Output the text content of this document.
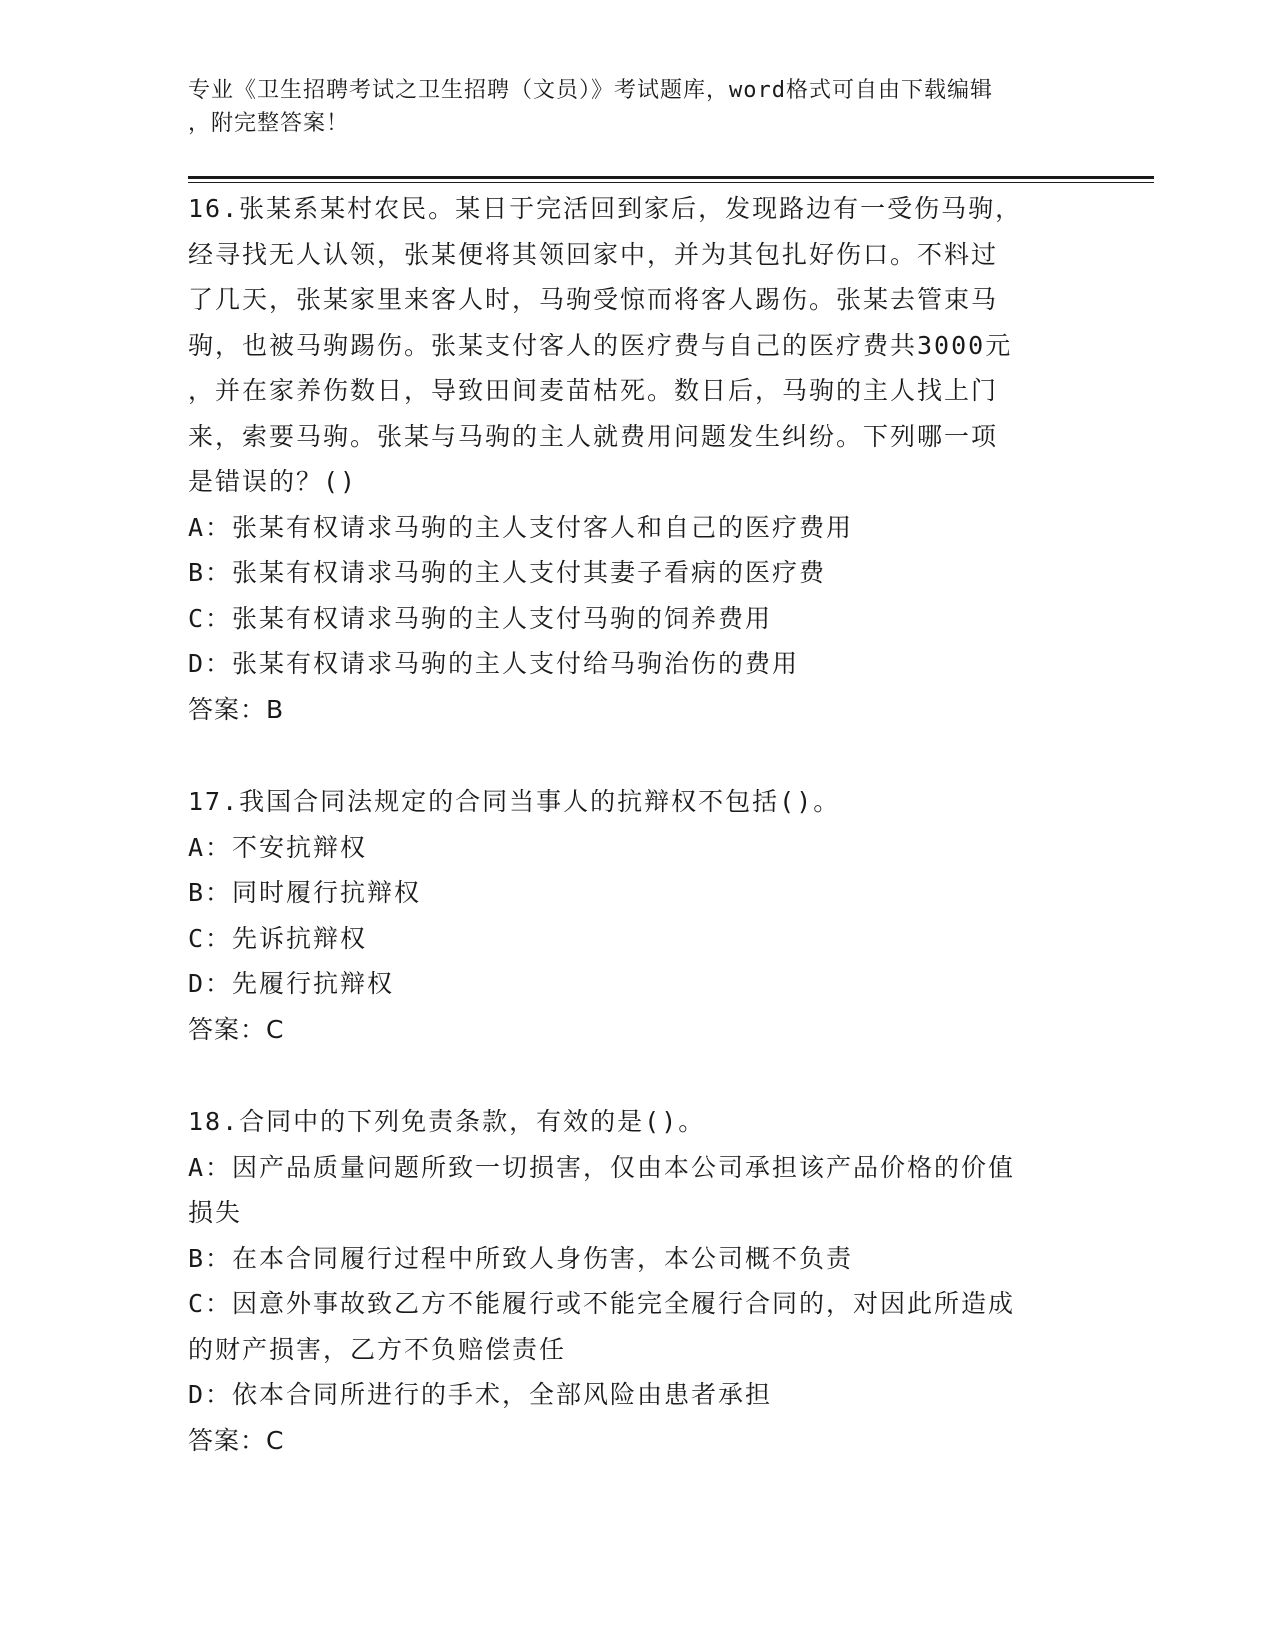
专业《卫生招聘考试之卫生招聘（文员）》考试题库，word格式可自由下载编辑
，附完整答案！
16.张某系某村农民。某日于完活回到家后，发现路边有一受伤马驹，
经寻找无人认领，张某便将其领回家中，并为其包扎好伤口。不料过
了几天，张某家里来客人时，马驹受惊而将客人踢伤。张某去管束马
驹，也被马驹踢伤。张某支付客人的医疗费与自己的医疗费共3000元
，并在家养伤数日，导致田间麦苗枯死。数日后，马驹的主人找上门
来，索要马驹。张某与马驹的主人就费用问题发生纠纷。下列哪一项
是错误的？()
A：张某有权请求马驹的主人支付客人和自己的医疗费用
B：张某有权请求马驹的主人支付其妻子看病的医疗费
C：张某有权请求马驹的主人支付马驹的饲养费用
D：张某有权请求马驹的主人支付给马驹治伤的费用
答案：B
17.我国合同法规定的合同当事人的抗辩权不包括()。
A：不安抗辩权
B：同时履行抗辩权
C：先诉抗辩权
D：先履行抗辩权
答案：C
18.合同中的下列免责条款，有效的是()。
A：因产品质量问题所致一切损害，仅由本公司承担该产品价格的价值
损失
B：在本合同履行过程中所致人身伤害，本公司概不负责
C：因意外事故致乙方不能履行或不能完全履行合同的，对因此所造成
的财产损害，乙方不负赔偿责任
D：依本合同所进行的手术，全部风险由患者承担
答案：C
